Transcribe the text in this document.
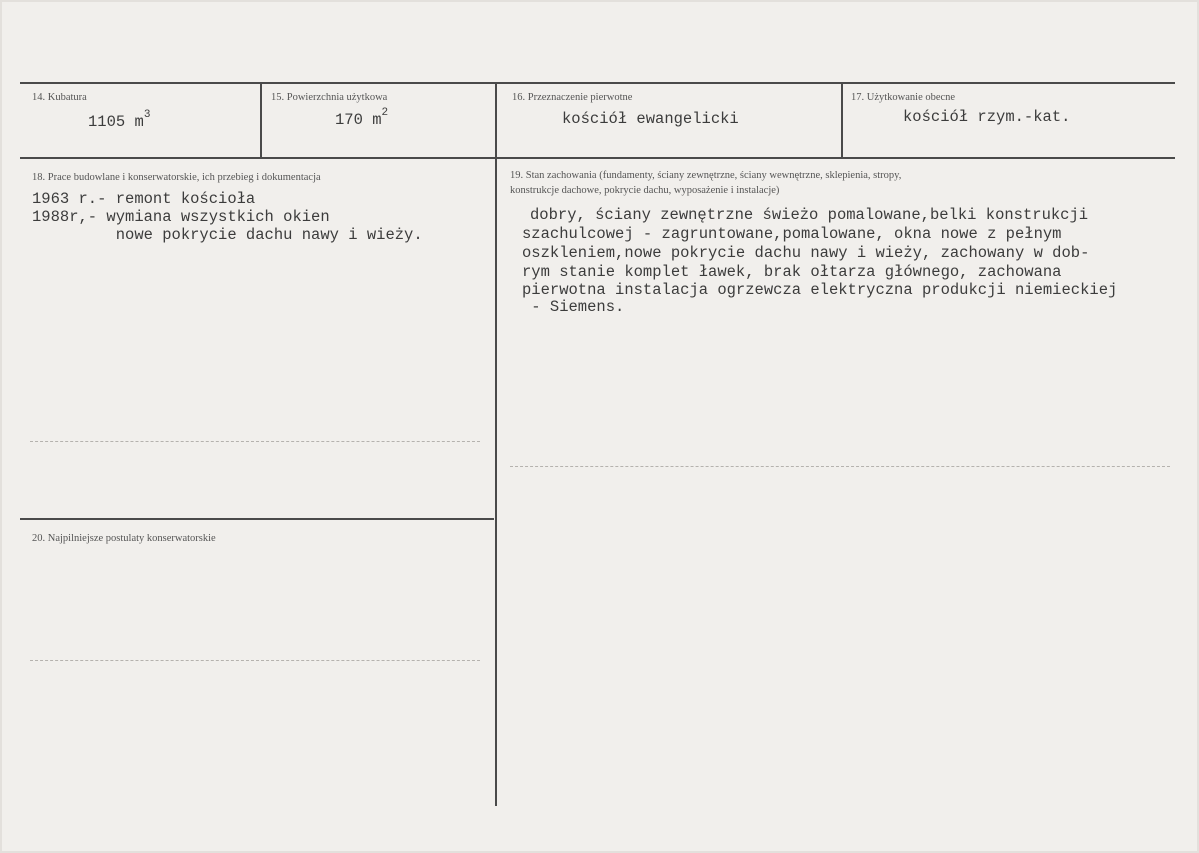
14. Kubatura
1105 $m^3$
15. Powierzchnia użytkowa
170 $m^2$
16. Przeznaczenie pierwotne
kościół ewangelicki
17. Użytkowanie obecne
kościół rzym.-kat.
18. Prace budowlane i konserwatorskie, ich przebieg i dokumentacja
1963 r.- remont kościoła
1988r,- wymiana wszystkich okien
nowe pokrycie dachu nawy i wieży.
19. Stan zachowania (fundamenty, ściany zewnętrzne, ściany wewnętrzne, sklepienia, stropy,
konstrukcje dachowe, pokrycie dachu, wyposażenie i instalacje)
dobry, ściany zewnętrzne świeżo pomalowane,belki konstrukcji
szachulcowej - zagruntowane,pomalowane, okna nowe z pełnym
oszkleniem,nowe pokrycie dachu nawy i wieży, zachowany w dob-
rym stanie komplet ławek, brak ołtarza głównego, zachowana
pierwotna instalacja ogrzewcza elektryczna produkcji niemieckiej
- Siemens.
20. Najpilniejsze postulaty konserwatorskie
